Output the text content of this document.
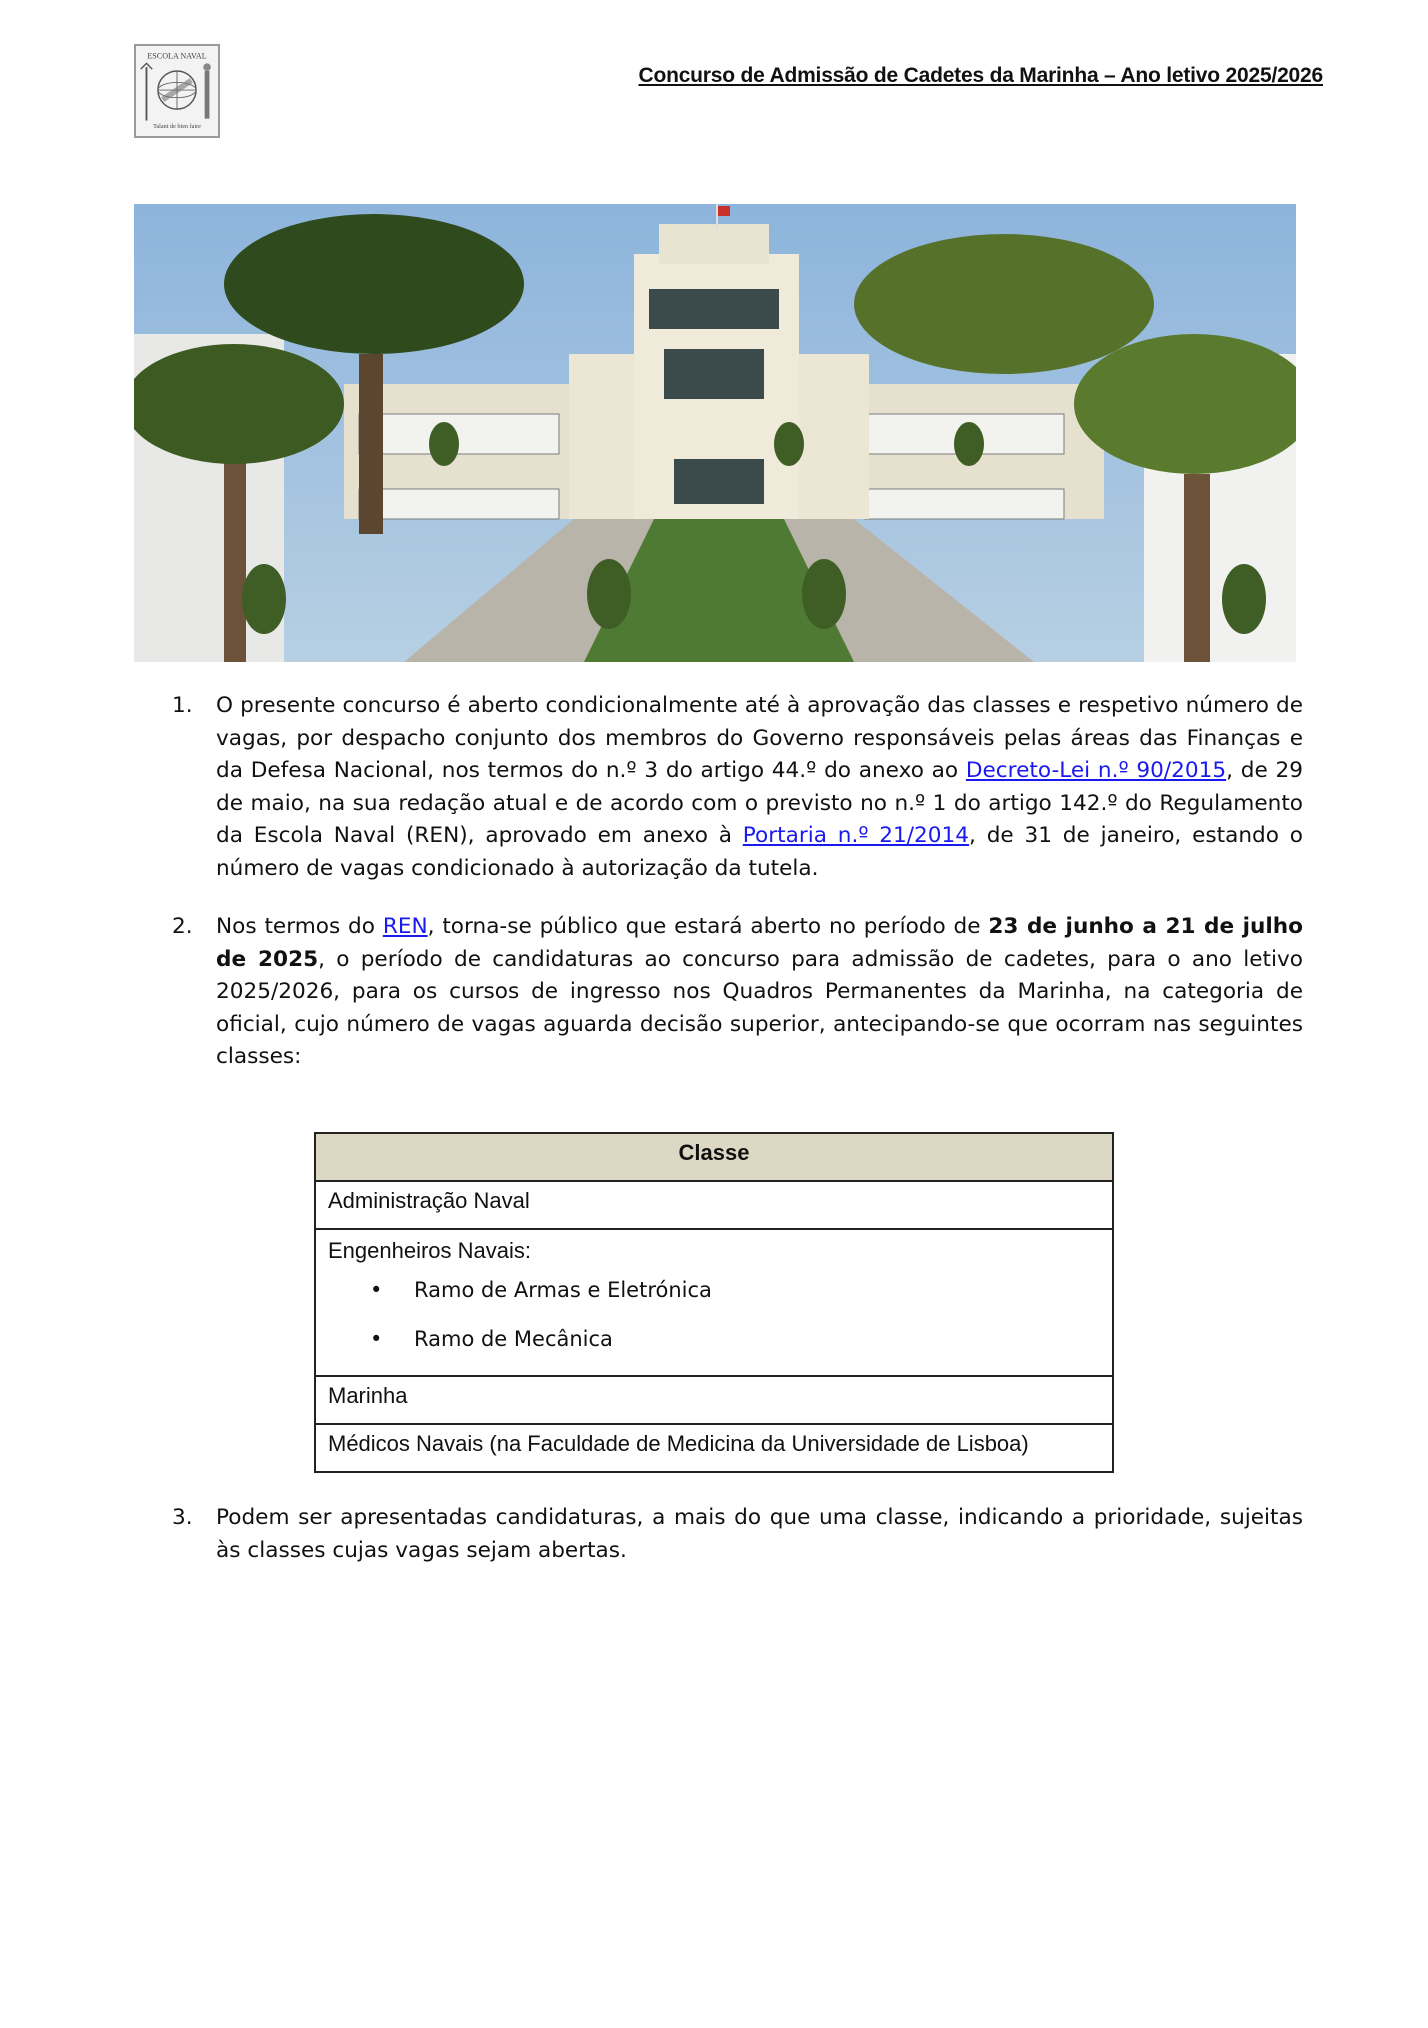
ESCOLA NAVAL
Talant de bien faire
Concurso de Admissão de Cadetes da Marinha – Ano letivo 2025/2026
1. O presente concurso é aberto condicionalmente até à aprovação das classes e respetivo número de vagas, por despacho conjunto dos membros do Governo responsáveis pelas áreas das Finanças e da Defesa Nacional, nos termos do n.º 3 do artigo 44.º do anexo ao Decreto-Lei n.º 90/2015, de 29 de maio, na sua redação atual e de acordo com o previsto no n.º 1 do artigo 142.º do Regulamento da Escola Naval (REN), aprovado em anexo à Portaria n.º 21/2014, de 31 de janeiro, estando o número de vagas condicionado à autorização da tutela.
2. Nos termos do REN, torna-se público que estará aberto no período de 23 de junho a 21 de julho de 2025, o período de candidaturas ao concurso para admissão de cadetes, para o ano letivo 2025/2026, para os cursos de ingresso nos Quadros Permanentes da Marinha, na categoria de oficial, cujo número de vagas aguarda decisão superior, antecipando-se que ocorram nas seguintes classes:
Classe
Administração Naval

Engenheiros Navais:
• Ramo de Armas e Eletrónica
• Ramo de Mecânica

Marinha
Médicos Navais (na Faculdade de Medicina da Universidade de Lisboa)
3. Podem ser apresentadas candidaturas, a mais do que uma classe, indicando a prioridade, sujeitas às classes cujas vagas sejam abertas.
